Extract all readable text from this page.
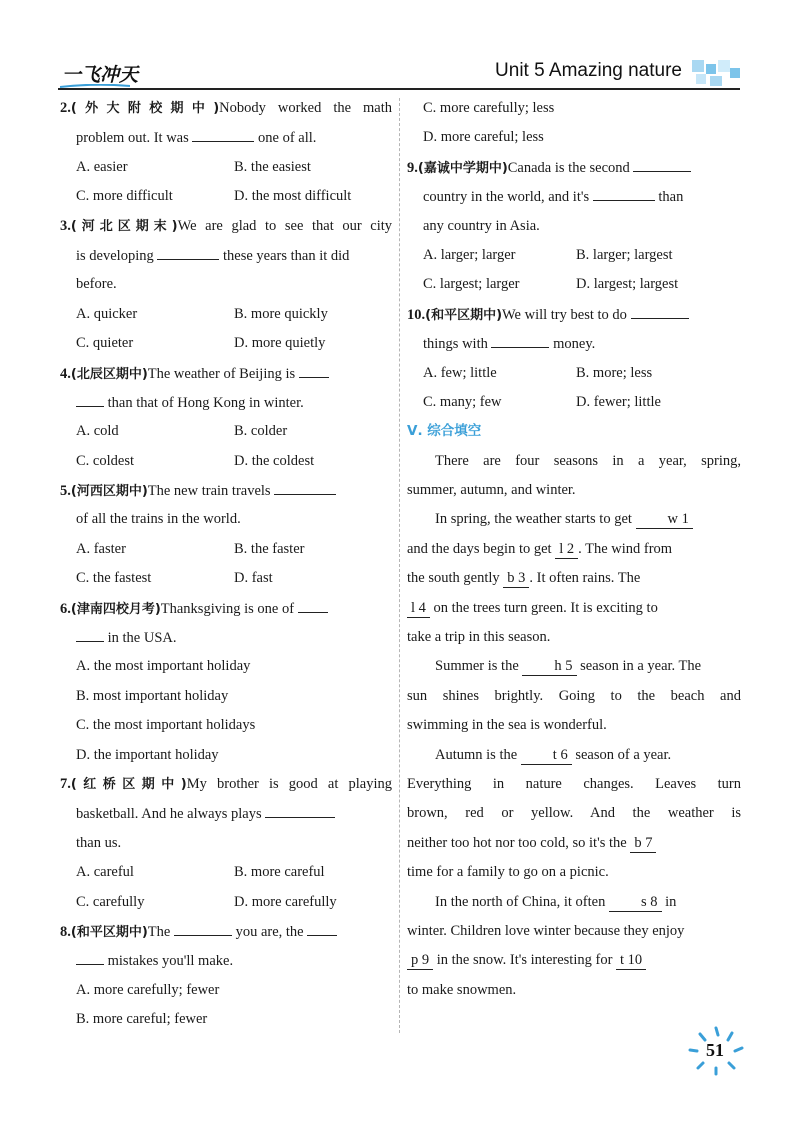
一飞冲天	Unit 5 Amazing nature
2.(外大附校期中)Nobody worked the math
problem out. It was	one of all.
A. easier	B. the easiest
C. more difficult	D. the most difficult
3.(河北区期末)We are glad to see that our city
is developing	these years than it did
before.
A. quicker	B. more quickly
C. quieter	D. more quietly
4.(北辰区期中)The weather of Beijing is
than that of Hong Kong in winter.
A. cold	B. colder
C. coldest	D. the coldest
5.(河西区期中)The new train travels
of all the trains in the world.
A. faster	B. the faster
C. the fastest	D. fast
6.(津南四校月考)Thanksgiving is one of
in the USA.
A. the most important holiday
B. most important holiday
C. the most important holidays
D. the important holiday
7.(红桥区期中)My brother is good at playing
basketball. And he always plays
than us.
A. careful	B. more careful
C. carefully	D. more carefully
8.(和平区期中)The	you are, the
mistakes you'll make.
A. more carefully; fewer
B. more careful; fewer
C. more carefully; less
D. more careful; less
9.(嘉诚中学期中)Canada is the second
country in the world, and it's	than
any country in Asia.
A. larger; larger	B. larger; largest
C. largest; larger	D. largest; largest
10.(和平区期中)We will try best to do
things with	money.
A. few; little	B. more; less
C. many; few	D. fewer; little
Ⅴ. 综合填空
There are four seasons in a year, spring,
summer, autumn, and winter.
In spring, the weather starts to get w 1
and the days begin to get l 2 . The wind from
the south gently b 3 . It often rains. The
l 4 on the trees turn green. It is exciting to
take a trip in this season.
Summer is the h 5 season in a year. The
sun shines brightly. Going to the beach and
swimming in the sea is wonderful.
Autumn is the t 6 season of a year.
Everything in nature changes. Leaves turn
brown, red or yellow. And the weather is
neither too hot nor too cold, so it's the b 7
time for a family to go on a picnic.
In the north of China, it often s 8 in
winter. Children love winter because they enjoy
p 9 in the snow. It's interesting for t 10
to make snowmen.
51
